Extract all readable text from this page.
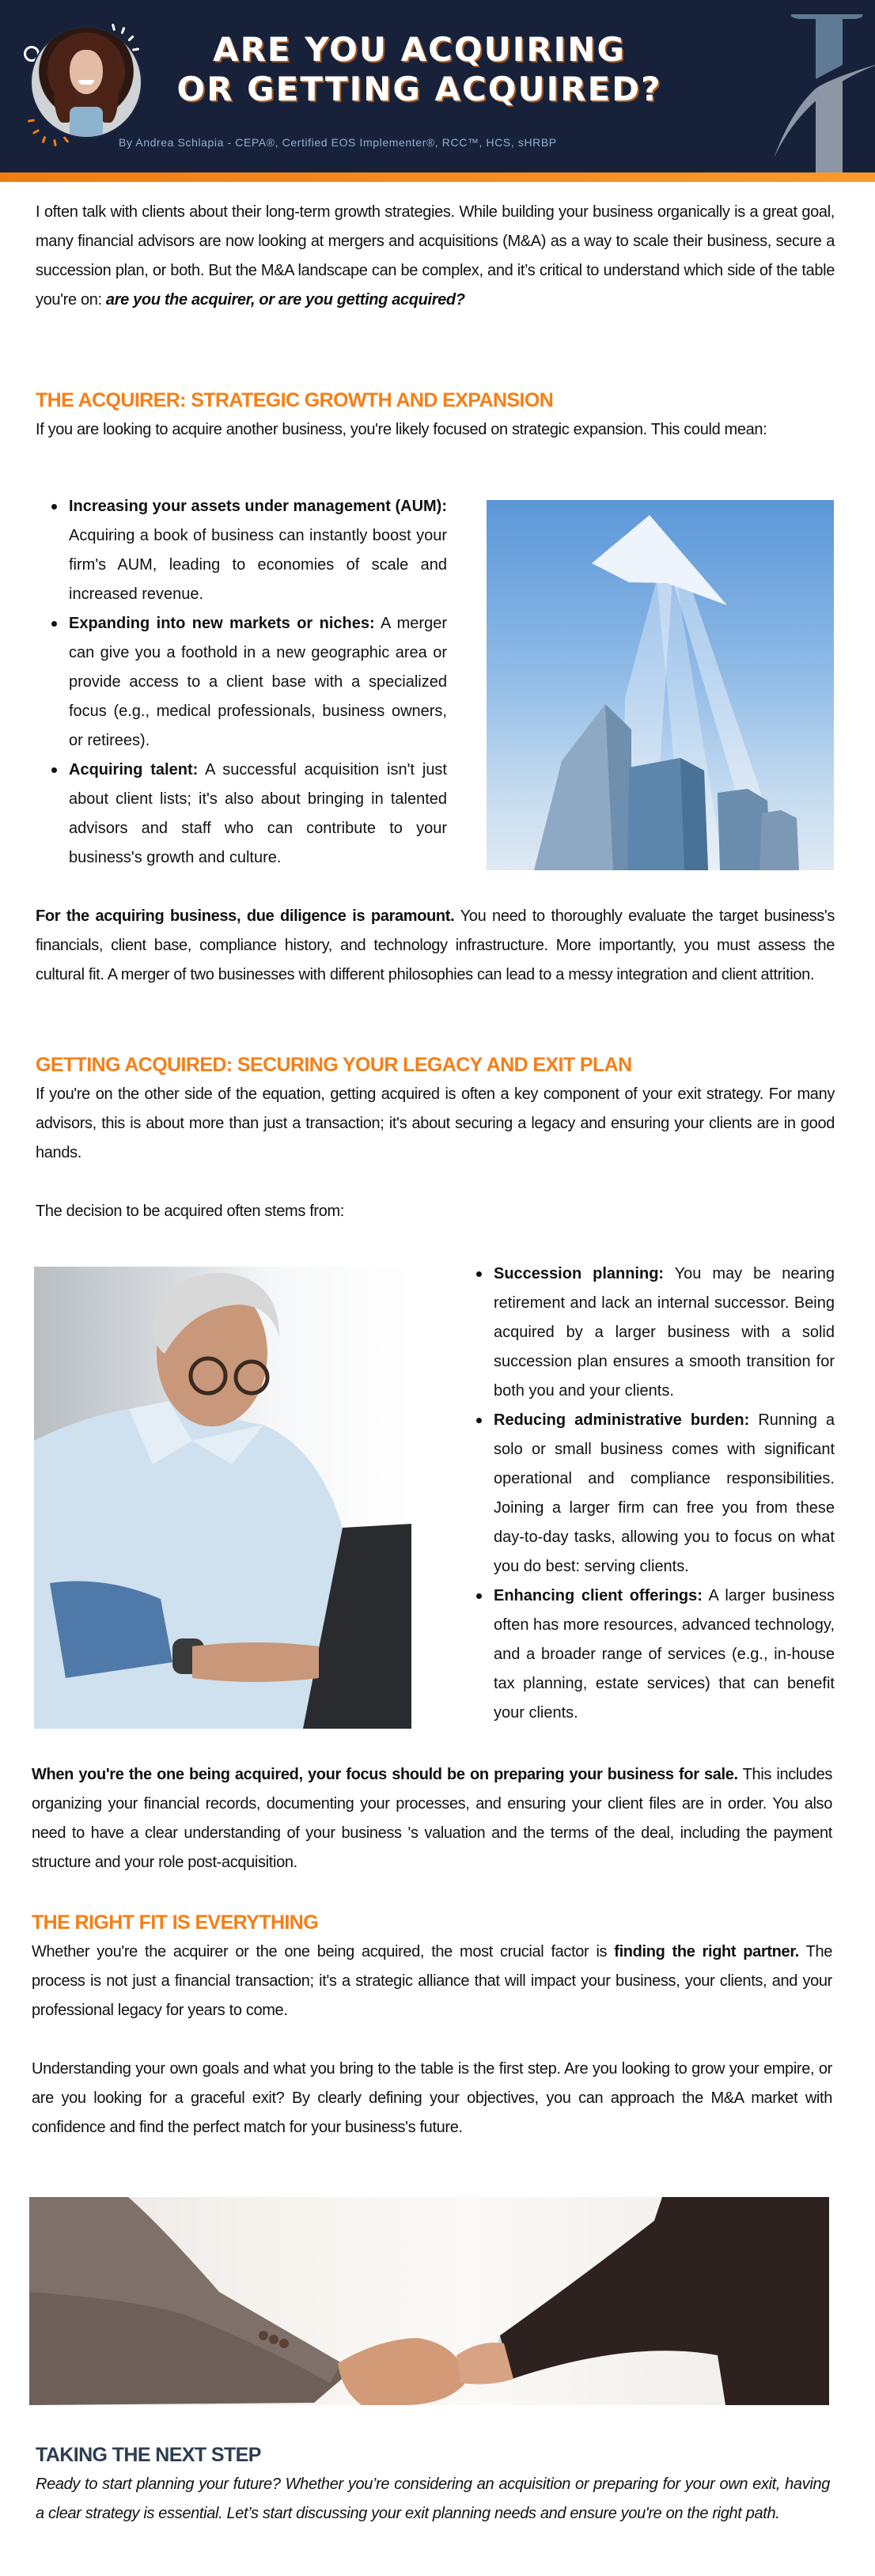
ARE YOU ACQUIRING
OR GETTING ACQUIRED?
By Andrea Schlapia - CEPA®, Certified EOS Implementer®, RCC™, HCS, sHRBP

I often talk with clients about their long-term growth strategies. While building your business organically is a great goal, many financial advisors are now looking at mergers and acquisitions (M&A) as a way to scale their business, secure a succession plan, or both. But the M&A landscape can be complex, and it’s critical to understand which side of the table you're on: are you the acquirer, or are you getting acquired?

THE ACQUIRER: STRATEGIC GROWTH AND EXPANSION

If you are looking to acquire another business, you're likely focused on strategic expansion. This could mean:

Increasing your assets under management (AUM): Acquiring a book of business can instantly boost your firm's AUM, leading to economies of scale and increased revenue.

Expanding into new markets or niches: A merger can give you a foothold in a new geographic area or provide access to a client base with a specialized focus (e.g., medical professionals, business owners, or retirees).

Acquiring talent: A successful acquisition isn't just about client lists; it's also about bringing in talented advisors and staff who can contribute to your business's growth and culture.

For the acquiring business, due diligence is paramount. You need to thoroughly evaluate the target business's financials, client base, compliance history, and technology infrastructure. More importantly, you must assess the cultural fit. A merger of two businesses with different philosophies can lead to a messy integration and client attrition.

GETTING ACQUIRED: SECURING YOUR LEGACY AND EXIT PLAN

If you're on the other side of the equation, getting acquired is often a key component of your exit strategy. For many advisors, this is about more than just a transaction; it's about securing a legacy and ensuring your clients are in good hands.

The decision to be acquired often stems from:

Succession planning: You may be nearing retirement and lack an internal successor. Being acquired by a larger business with a solid succession plan ensures a smooth transition for both you and your clients.

Reducing administrative burden: Running a solo or small business comes with significant operational and compliance responsibilities. Joining a larger firm can free you from these day-to-day tasks, allowing you to focus on what you do best: serving clients.

Enhancing client offerings: A larger business often has more resources, advanced technology, and a broader range of services (e.g., in-house tax planning, estate services) that can benefit your clients.

When you're the one being acquired, your focus should be on preparing your business for sale. This includes organizing your financial records, documenting your processes, and ensuring your client files are in order. You also need to have a clear understanding of your business 's valuation and the terms of the deal, including the payment structure and your role post-acquisition.

THE RIGHT FIT IS EVERYTHING

Whether you're the acquirer or the one being acquired, the most crucial factor is finding the right partner. The process is not just a financial transaction; it's a strategic alliance that will impact your business, your clients, and your professional legacy for years to come.

Understanding your own goals and what you bring to the table is the first step. Are you looking to grow your empire, or are you looking for a graceful exit? By clearly defining your objectives, you can approach the M&A market with confidence and find the perfect match for your business's future.

TAKING THE NEXT STEP

Ready to start planning your future? Whether you’re considering an acquisition or preparing for your own exit, having a clear strategy is essential. Let’s start discussing your exit planning needs and ensure you're on the right path.
